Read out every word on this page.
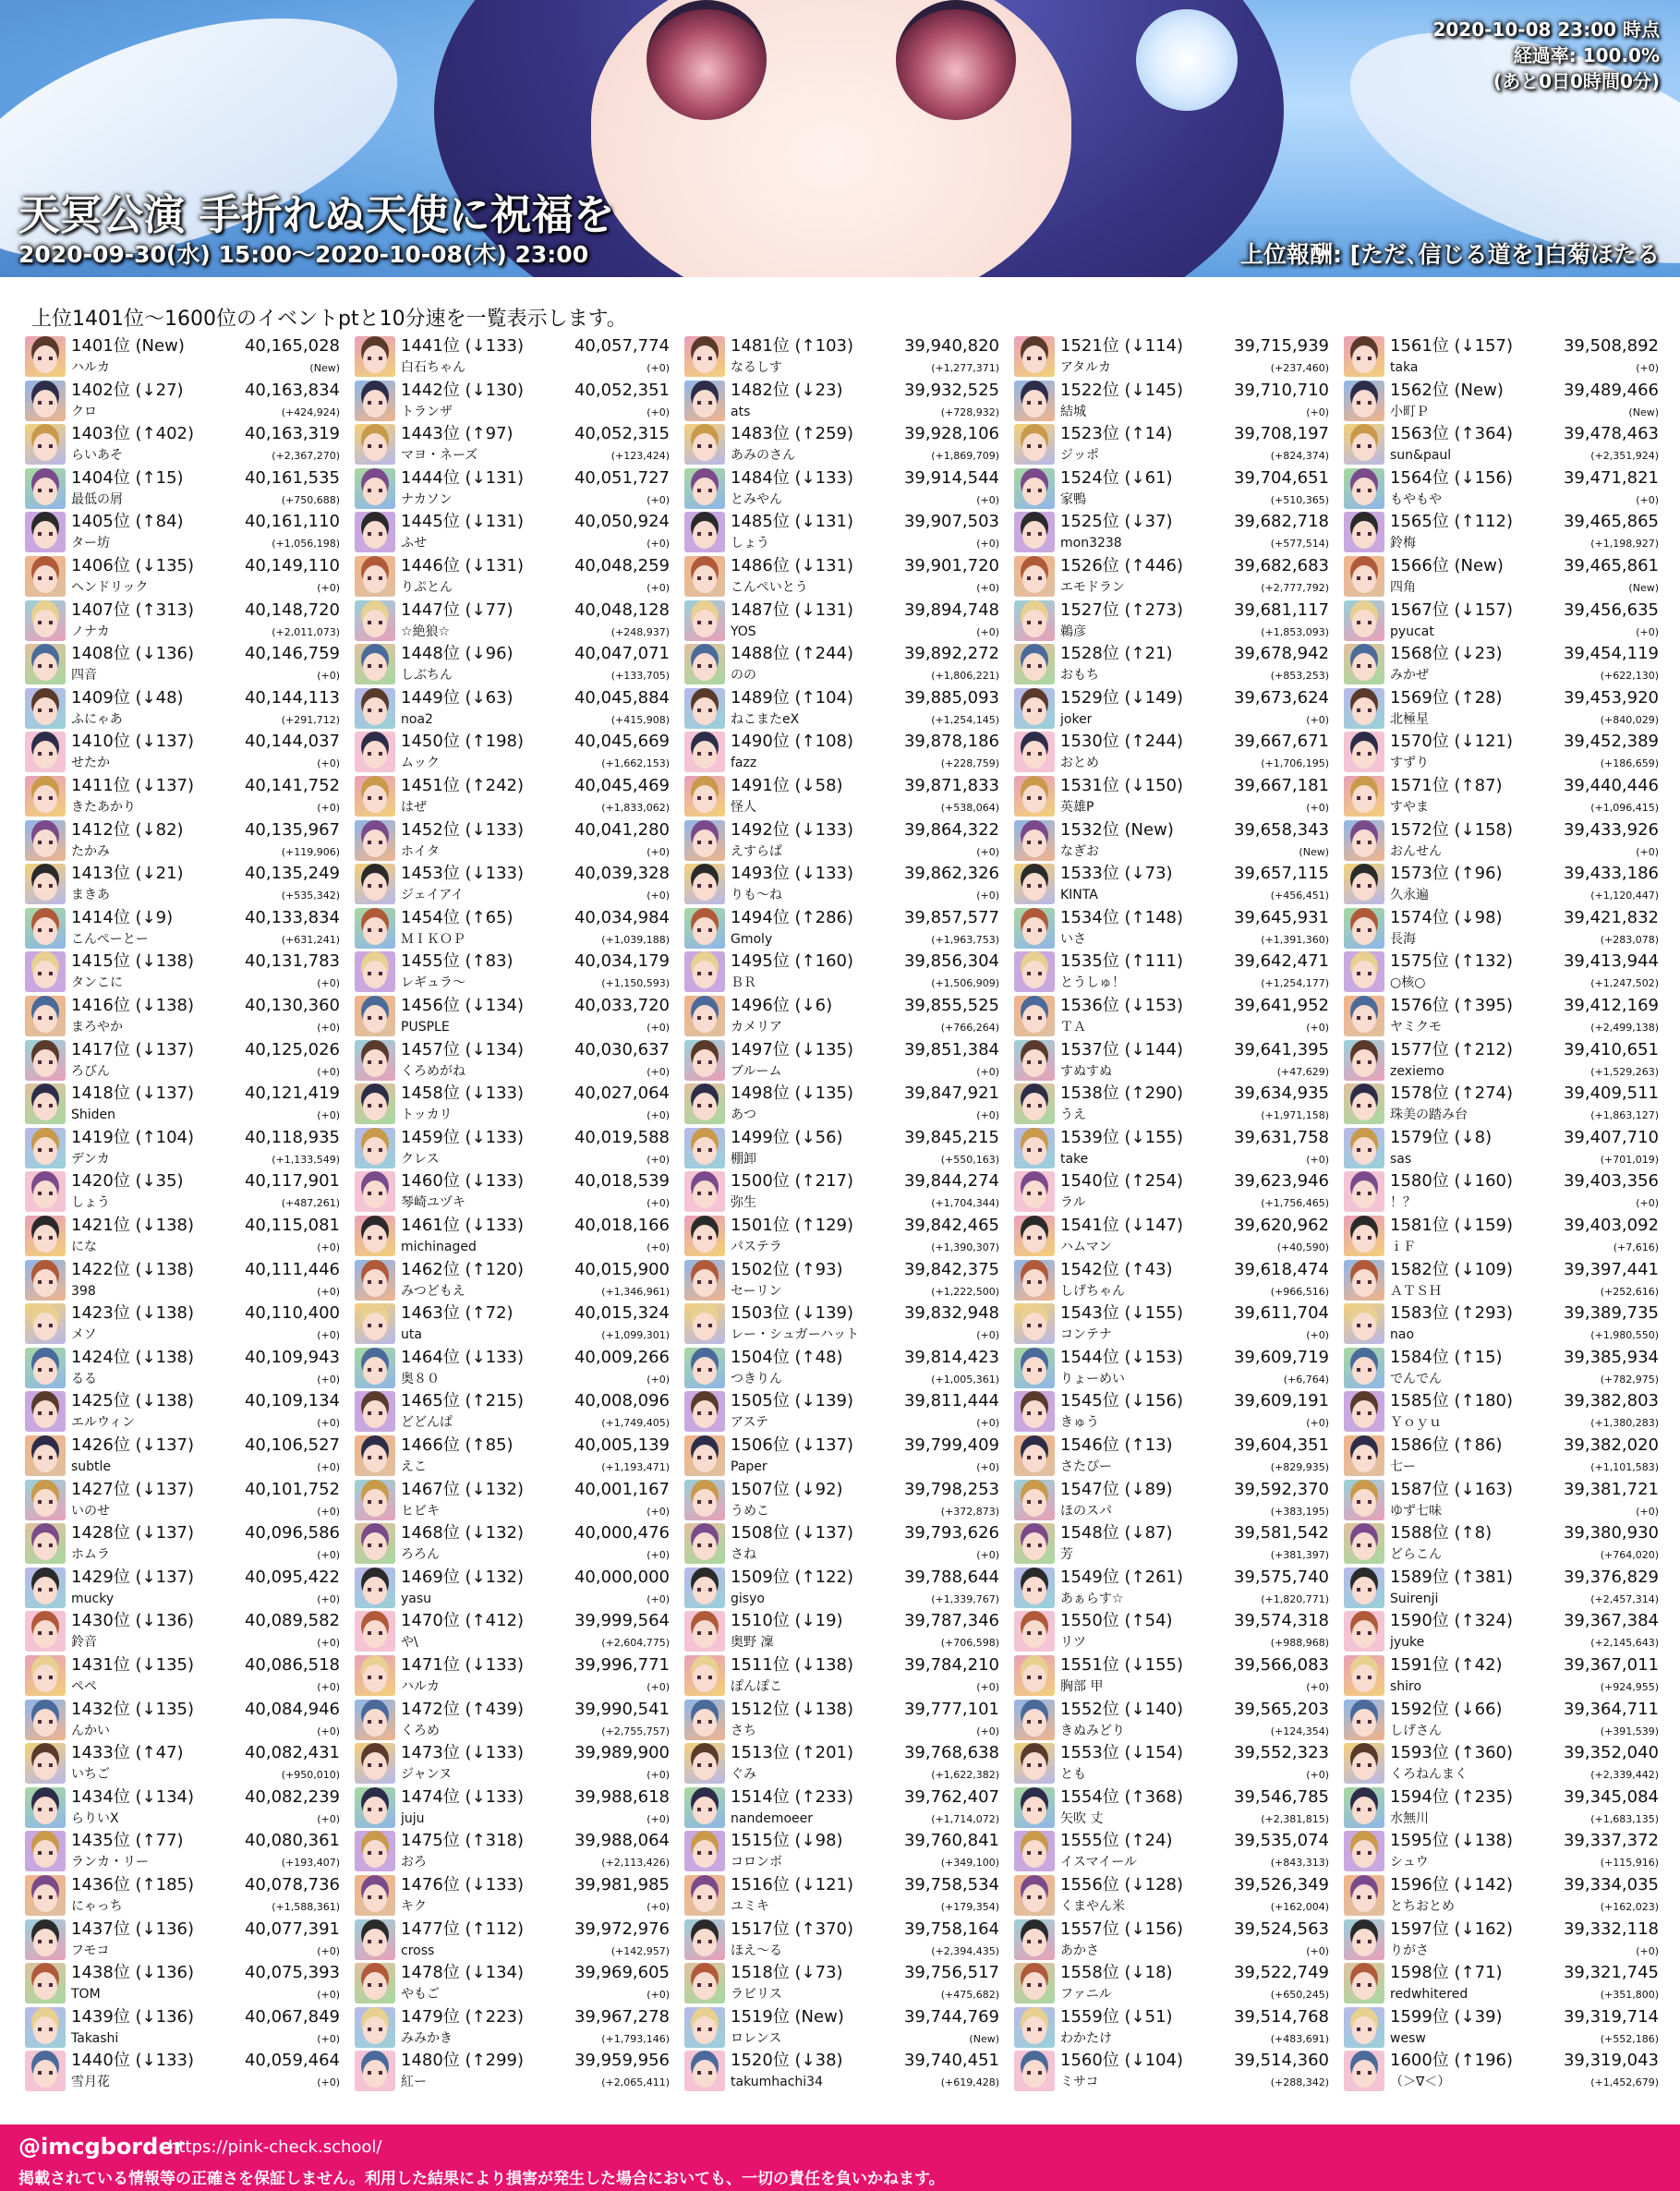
2020-10-08 23:00 時点
経過率: 100.0%
(あと0日0時間0分)
天冥公演 手折れぬ天使に祝福を
2020-09-30(水) 15:00～2020-10-08(木) 23:00	上位報酬: [ただ､信じる道を]白菊ほたる
上位1401位～1600位のイベントptと10分速を一覧表示します。
1401位 (New)	40,165,028
ハルカ	(New)
1402位 (↓27)	40,163,834
クロ	(+424,924)
1403位 (↑402)	40,163,319
らいあそ	(+2,367,270)
1404位 (↑15)	40,161,535
最低の屑	(+750,688)
1405位 (↑84)	40,161,110
ター坊	(+1,056,198)
1406位 (↓135)	40,149,110
ヘンドリック	(+0)
1407位 (↑313)	40,148,720
ノナカ	(+2,011,073)
1408位 (↓136)	40,146,759
四音	(+0)
1409位 (↓48)	40,144,113
ふにゃあ	(+291,712)
1410位 (↓137)	40,144,037
せたか	(+0)
1411位 (↓137)	40,141,752
きたあかり	(+0)
1412位 (↓82)	40,135,967
たかみ	(+119,906)
1413位 (↓21)	40,135,249
まきあ	(+535,342)
1414位 (↓9)	40,133,834
こんぺーとー	(+631,241)
1415位 (↓138)	40,131,783
タンこに	(+0)
1416位 (↓138)	40,130,360
まろやか	(+0)
1417位 (↓137)	40,125,026
ろびん	(+0)
1418位 (↓137)	40,121,419
Shiden	(+0)
1419位 (↑104)	40,118,935
デンカ	(+1,133,549)
1420位 (↓35)	40,117,901
しょう	(+487,261)
1421位 (↓138)	40,115,081
にな	(+0)
1422位 (↓138)	40,111,446
398	(+0)
1423位 (↓138)	40,110,400
メソ	(+0)
1424位 (↓138)	40,109,943
るる	(+0)
1425位 (↓138)	40,109,134
エルウィン	(+0)
1426位 (↓137)	40,106,527
subtle	(+0)
1427位 (↓137)	40,101,752
いのせ	(+0)
1428位 (↓137)	40,096,586
ホムラ	(+0)
1429位 (↓137)	40,095,422
mucky	(+0)
1430位 (↓136)	40,089,582
鈴音	(+0)
1431位 (↓135)	40,086,518
ペペ	(+0)
1432位 (↓135)	40,084,946
んかい	(+0)
1433位 (↑47)	40,082,431
いちご	(+950,010)
1434位 (↓134)	40,082,239
らりいX	(+0)
1435位 (↑77)	40,080,361
ランカ・リー	(+193,407)
1436位 (↑185)	40,078,736
にゃっち	(+1,588,361)
1437位 (↓136)	40,077,391
フモコ	(+0)
1438位 (↓136)	40,075,393
TOM	(+0)
1439位 (↓136)	40,067,849
Takashi	(+0)
1440位 (↓133)	40,059,464
雪月花	(+0)
1441位 (↓133)	40,057,774
白石ちゃん	(+0)
1442位 (↓130)	40,052,351
トランザ	(+0)
1443位 (↑97)	40,052,315
マヨ・ネーズ	(+123,424)
1444位 (↓131)	40,051,727
ナカソン	(+0)
1445位 (↓131)	40,050,924
ふせ	(+0)
1446位 (↓131)	40,048,259
りぷとん	(+0)
1447位 (↓77)	40,048,128
☆絶狼☆	(+248,937)
1448位 (↓96)	40,047,071
しぶちん	(+133,705)
1449位 (↓63)	40,045,884
noa2	(+415,908)
1450位 (↑198)	40,045,669
ムック	(+1,662,153)
1451位 (↑242)	40,045,469
はぜ	(+1,833,062)
1452位 (↓133)	40,041,280
ホイタ	(+0)
1453位 (↓133)	40,039,328
ジェイアイ	(+0)
1454位 (↑65)	40,034,984
ＭＩＫＯＰ	(+1,039,188)
1455位 (↑83)	40,034,179
レギュラ〜	(+1,150,593)
1456位 (↓134)	40,033,720
PUSPLE	(+0)
1457位 (↓134)	40,030,637
くろめがね	(+0)
1458位 (↓133)	40,027,064
トッカリ	(+0)
1459位 (↓133)	40,019,588
クレス	(+0)
1460位 (↓133)	40,018,539
琴崎ユヅキ	(+0)
1461位 (↓133)	40,018,166
michinaged	(+0)
1462位 (↑120)	40,015,900
みつどもえ	(+1,346,961)
1463位 (↑72)	40,015,324
uta	(+1,099,301)
1464位 (↓133)	40,009,266
奥８０	(+0)
1465位 (↑215)	40,008,096
どどんぱ	(+1,749,405)
1466位 (↑85)	40,005,139
えこ	(+1,193,471)
1467位 (↓132)	40,001,167
ヒビキ	(+0)
1468位 (↓132)	40,000,476
ろろん	(+0)
1469位 (↓132)	40,000,000
yasu	(+0)
1470位 (↑412)	39,999,564
や\	(+2,604,775)
1471位 (↓133)	39,996,771
ハルカ	(+0)
1472位 (↑439)	39,990,541
くろめ	(+2,755,757)
1473位 (↓133)	39,989,900
ジャンヌ	(+0)
1474位 (↓133)	39,988,618
juju	(+0)
1475位 (↑318)	39,988,064
おろ	(+2,113,426)
1476位 (↓133)	39,981,985
キク	(+0)
1477位 (↑112)	39,972,976
cross	(+142,957)
1478位 (↓134)	39,969,605
やもご	(+0)
1479位 (↑223)	39,967,278
みみかき	(+1,793,146)
1480位 (↑299)	39,959,956
紅ー	(+2,065,411)
1481位 (↑103)	39,940,820
なるしす	(+1,277,371)
1482位 (↓23)	39,932,525
ats	(+728,932)
1483位 (↑259)	39,928,106
あみのさん	(+1,869,709)
1484位 (↓133)	39,914,544
とみやん	(+0)
1485位 (↓131)	39,907,503
しょう	(+0)
1486位 (↓131)	39,901,720
こんぺいとう	(+0)
1487位 (↓131)	39,894,748
YOS	(+0)
1488位 (↑244)	39,892,272
のの	(+1,806,221)
1489位 (↑104)	39,885,093
ねこまたeX	(+1,254,145)
1490位 (↑108)	39,878,186
fazz	(+228,759)
1491位 (↓58)	39,871,833
怪人	(+538,064)
1492位 (↓133)	39,864,322
えすらぱ	(+0)
1493位 (↓133)	39,862,326
りも〜ね	(+0)
1494位 (↑286)	39,857,577
Gmoly	(+1,963,753)
1495位 (↑160)	39,856,304
ＢＲ	(+1,506,909)
1496位 (↓6)	39,855,525
カメリア	(+766,264)
1497位 (↓135)	39,851,384
ブルーム	(+0)
1498位 (↓135)	39,847,921
あつ	(+0)
1499位 (↓56)	39,845,215
棚卸	(+550,163)
1500位 (↑217)	39,844,274
弥生	(+1,704,344)
1501位 (↑129)	39,842,465
パステラ	(+1,390,307)
1502位 (↑93)	39,842,375
セーリン	(+1,222,500)
1503位 (↓139)	39,832,948
レー・シュガーハット	(+0)
1504位 (↑48)	39,814,423
つきりん	(+1,005,361)
1505位 (↓139)	39,811,444
アステ	(+0)
1506位 (↓137)	39,799,409
Paper	(+0)
1507位 (↓92)	39,798,253
うめこ	(+372,873)
1508位 (↓137)	39,793,626
さね	(+0)
1509位 (↑122)	39,788,644
gisyo	(+1,339,767)
1510位 (↓19)	39,787,346
奥野 凜	(+706,598)
1511位 (↓138)	39,784,210
ぽんぽこ	(+0)
1512位 (↓138)	39,777,101
さち	(+0)
1513位 (↑201)	39,768,638
ぐみ	(+1,622,382)
1514位 (↑233)	39,762,407
nandemoeer	(+1,714,072)
1515位 (↓98)	39,760,841
コロンボ	(+349,100)
1516位 (↓121)	39,758,534
ユミキ	(+179,354)
1517位 (↑370)	39,758,164
ほえ〜る	(+2,394,435)
1518位 (↓73)	39,756,517
ラビリス	(+475,682)
1519位 (New)	39,744,769
ロレンス	(New)
1520位 (↓38)	39,740,451
takumhachi34	(+619,428)
1521位 (↓114)	39,715,939
アタルカ	(+237,460)
1522位 (↓145)	39,710,710
結城	(+0)
1523位 (↑14)	39,708,197
ジッポ	(+824,374)
1524位 (↓61)	39,704,651
家鴨	(+510,365)
1525位 (↓37)	39,682,718
mon3238	(+577,514)
1526位 (↑446)	39,682,683
エモドラン	(+2,777,792)
1527位 (↑273)	39,681,117
鵜彦	(+1,853,093)
1528位 (↑21)	39,678,942
おもち	(+853,253)
1529位 (↓149)	39,673,624
joker	(+0)
1530位 (↑244)	39,667,671
おとめ	(+1,706,195)
1531位 (↓150)	39,667,181
英雄P	(+0)
1532位 (New)	39,658,343
なぎお	(New)
1533位 (↓73)	39,657,115
KINTA	(+456,451)
1534位 (↑148)	39,645,931
いさ	(+1,391,360)
1535位 (↑111)	39,642,471
とうしゅ！	(+1,254,177)
1536位 (↓153)	39,641,952
ＴＡ	(+0)
1537位 (↓144)	39,641,395
すぬすぬ	(+47,629)
1538位 (↑290)	39,634,935
うえ	(+1,971,158)
1539位 (↓155)	39,631,758
take	(+0)
1540位 (↑254)	39,623,946
ラル	(+1,756,465)
1541位 (↓147)	39,620,962
ハムマン	(+40,590)
1542位 (↑43)	39,618,474
しげちゃん	(+966,516)
1543位 (↓155)	39,611,704
コンテナ	(+0)
1544位 (↓153)	39,609,719
りょーめい	(+6,764)
1545位 (↓156)	39,609,191
きゅう	(+0)
1546位 (↑13)	39,604,351
さたぴー	(+829,935)
1547位 (↓89)	39,592,370
ほのスパ	(+383,195)
1548位 (↓87)	39,581,542
芳	(+381,397)
1549位 (↑261)	39,575,740
あぁらす☆	(+1,820,771)
1550位 (↑54)	39,574,318
リツ	(+988,968)
1551位 (↓155)	39,566,083
胸部 甲	(+0)
1552位 (↓140)	39,565,203
きぬみどり	(+124,354)
1553位 (↓154)	39,552,323
とも	(+0)
1554位 (↑368)	39,546,785
矢吹 丈	(+2,381,815)
1555位 (↑24)	39,535,074
イスマイール	(+843,313)
1556位 (↓128)	39,526,349
くまやん米	(+162,004)
1557位 (↓156)	39,524,563
あかさ	(+0)
1558位 (↓18)	39,522,749
ファニル	(+650,245)
1559位 (↓51)	39,514,768
わかたけ	(+483,691)
1560位 (↓104)	39,514,360
ミサコ	(+288,342)
1561位 (↓157)	39,508,892
taka	(+0)
1562位 (New)	39,489,466
小町Ｐ	(New)
1563位 (↑364)	39,478,463
sun&paul	(+2,351,924)
1564位 (↓156)	39,471,821
もやもや	(+0)
1565位 (↑112)	39,465,865
鈴梅	(+1,198,927)
1566位 (New)	39,465,861
四角	(New)
1567位 (↓157)	39,456,635
pyucat	(+0)
1568位 (↓23)	39,454,119
みかぜ	(+622,130)
1569位 (↑28)	39,453,920
北極星	(+840,029)
1570位 (↓121)	39,452,389
すずり	(+186,659)
1571位 (↑87)	39,440,446
すやま	(+1,096,415)
1572位 (↓158)	39,433,926
おんせん	(+0)
1573位 (↑96)	39,433,186
久永遍	(+1,120,447)
1574位 (↓98)	39,421,832
長海	(+283,078)
1575位 (↑132)	39,413,944
○核○	(+1,247,502)
1576位 (↑395)	39,412,169
ヤミクモ	(+2,499,138)
1577位 (↑212)	39,410,651
zexiemo	(+1,529,263)
1578位 (↑274)	39,409,511
珠美の踏み台	(+1,863,127)
1579位 (↓8)	39,407,710
sas	(+701,019)
1580位 (↓160)	39,403,356
！？	(+0)
1581位 (↓159)	39,403,092
ｉＦ	(+7,616)
1582位 (↓109)	39,397,441
ＡＴＳＨ	(+252,616)
1583位 (↑293)	39,389,735
nao	(+1,980,550)
1584位 (↑15)	39,385,934
でんでん	(+782,975)
1585位 (↑180)	39,382,803
Ｙｏｙｕ	(+1,380,283)
1586位 (↑86)	39,382,020
七ー	(+1,101,583)
1587位 (↓163)	39,381,721
ゆず七味	(+0)
1588位 (↑8)	39,380,930
どらこん	(+764,020)
1589位 (↑381)	39,376,829
Suirenji	(+2,457,314)
1590位 (↑324)	39,367,384
jyuke	(+2,145,643)
1591位 (↑42)	39,367,011
shiro	(+924,955)
1592位 (↓66)	39,364,711
しげさん	(+391,539)
1593位 (↑360)	39,352,040
くろねんまく	(+2,339,442)
1594位 (↑235)	39,345,084
水無川	(+1,683,135)
1595位 (↓138)	39,337,372
シュウ	(+115,916)
1596位 (↓142)	39,334,035
とちおとめ	(+162,023)
1597位 (↓162)	39,332,118
りがさ	(+0)
1598位 (↑71)	39,321,745
redwhitered	(+351,800)
1599位 (↓39)	39,319,714
wesw	(+552,186)
1600位 (↑196)	39,319,043
（＞∇＜）	(+1,452,679)
@imcgborder
https://pink-check.school/
掲載されている情報等の正確さを保証しません。利用した結果により損害が発生した場合においても、一切の責任を負いかねます。
